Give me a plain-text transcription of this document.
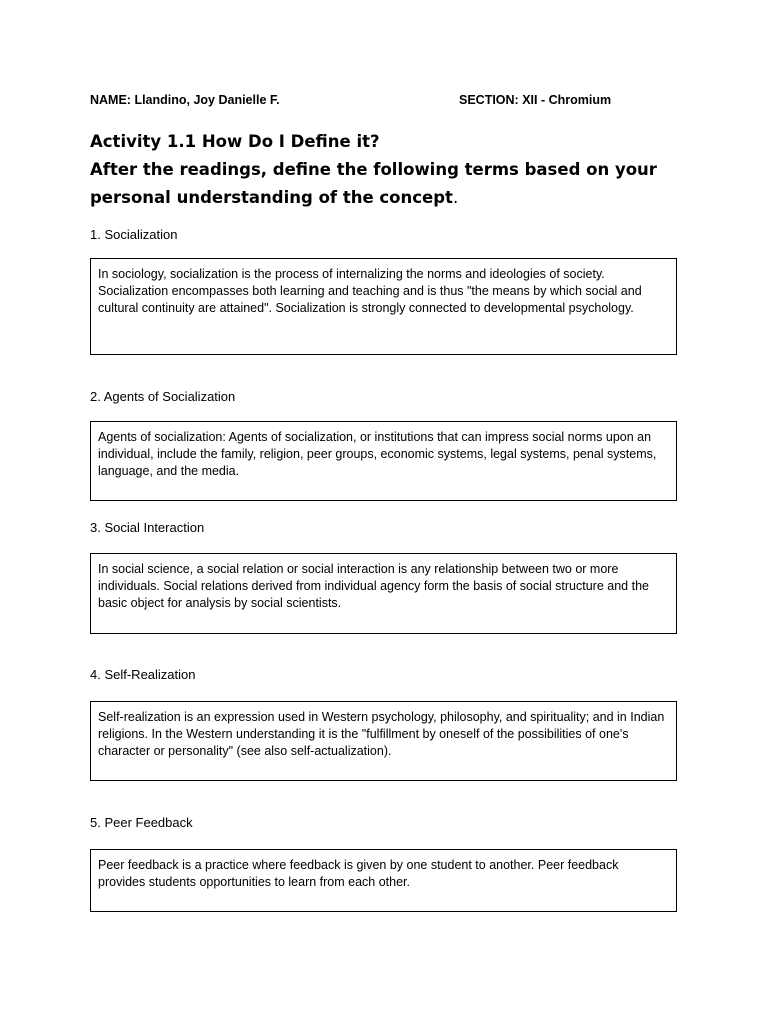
NAME: Llandino, Joy Danielle F.	SECTION: XII - Chromium
Activity 1.1 How Do I Define it?
After the readings, define the following terms based on your personal understanding of the concept.
1. Socialization
In sociology, socialization is the process of internalizing the norms and ideologies of society. Socialization encompasses both learning and teaching and is thus "the means by which social and cultural continuity are attained". Socialization is strongly connected to developmental psychology.
2. Agents of Socialization
Agents of socialization: Agents of socialization, or institutions that can impress social norms upon an individual, include the family, religion, peer groups, economic systems, legal systems, penal systems, language, and the media.
3. Social Interaction
In social science, a social relation or social interaction is any relationship between two or more individuals. Social relations derived from individual agency form the basis of social structure and the basic object for analysis by social scientists.
4. Self-Realization
Self-realization is an expression used in Western psychology, philosophy, and spirituality; and in Indian religions. In the Western understanding it is the "fulfillment by oneself of the possibilities of one's character or personality" (see also self-actualization).
5. Peer Feedback
Peer feedback is a practice where feedback is given by one student to another. Peer feedback provides students opportunities to learn from each other.
